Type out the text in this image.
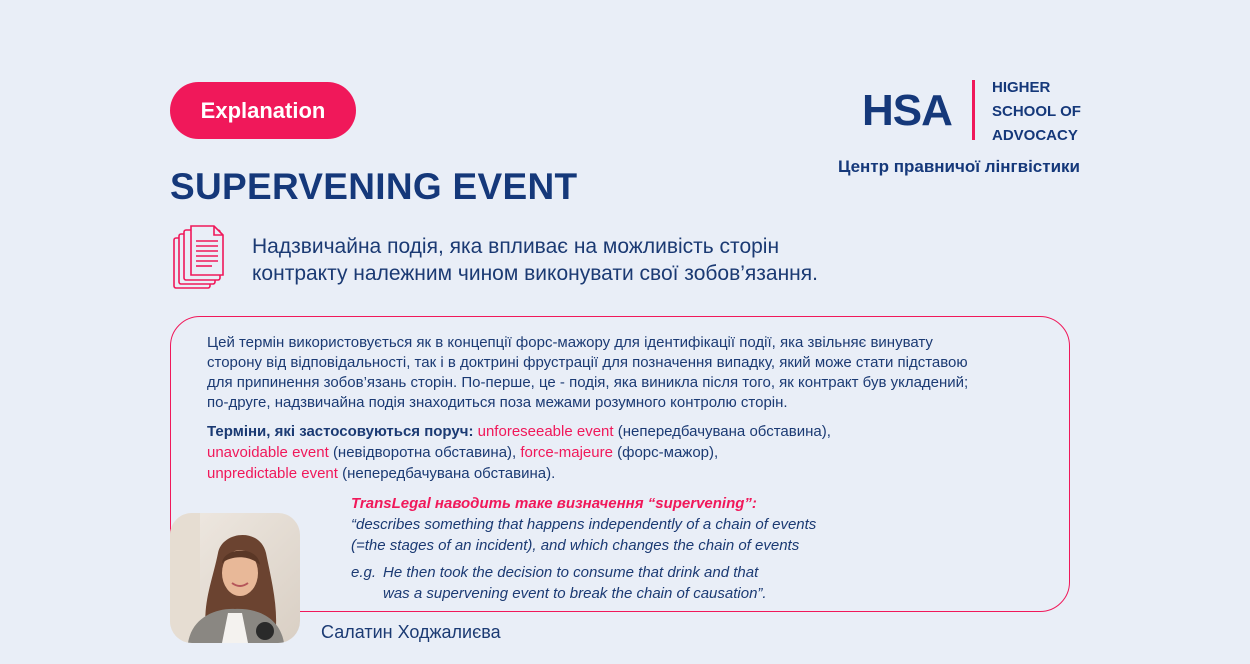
Explanation
SUPERVENING EVENT
HSA	HIGHER
SCHOOL OF
ADVOCACY
Центр правничої лінгвістики
Надзвичайна подія, яка впливає на можливість сторін
контракту належним чином виконувати свої зобов’язання.
Цей термін використовується як в концепції форс-мажору для ідентифікації події, яка звільняє винувату
сторону від відповідальності, так і в доктрині фрустрації для позначення випадку, який може стати підставою
для припинення зобов’язань сторін. По-перше, це - подія, яка виникла після того, як контракт був укладений;
по-друге, надзвичайна подія знаходиться поза межами розумного контролю сторін.
Терміни, які застосовуються поруч: unforeseeable event (непередбачувана обставина),
unavoidable event (невідворотна обставина), force-majeure (форс-мажор),
unpredictable event (непередбачувана обставина).
TransLegal наводить таке визначення “supervening”:
“describes something that happens independently of a chain of events
(=the stages of an incident), and which changes the chain of events
e.g. He then took the decision to consume that drink and that
was a supervening event to break the chain of causation”.
Салатин Ходжалиєва
